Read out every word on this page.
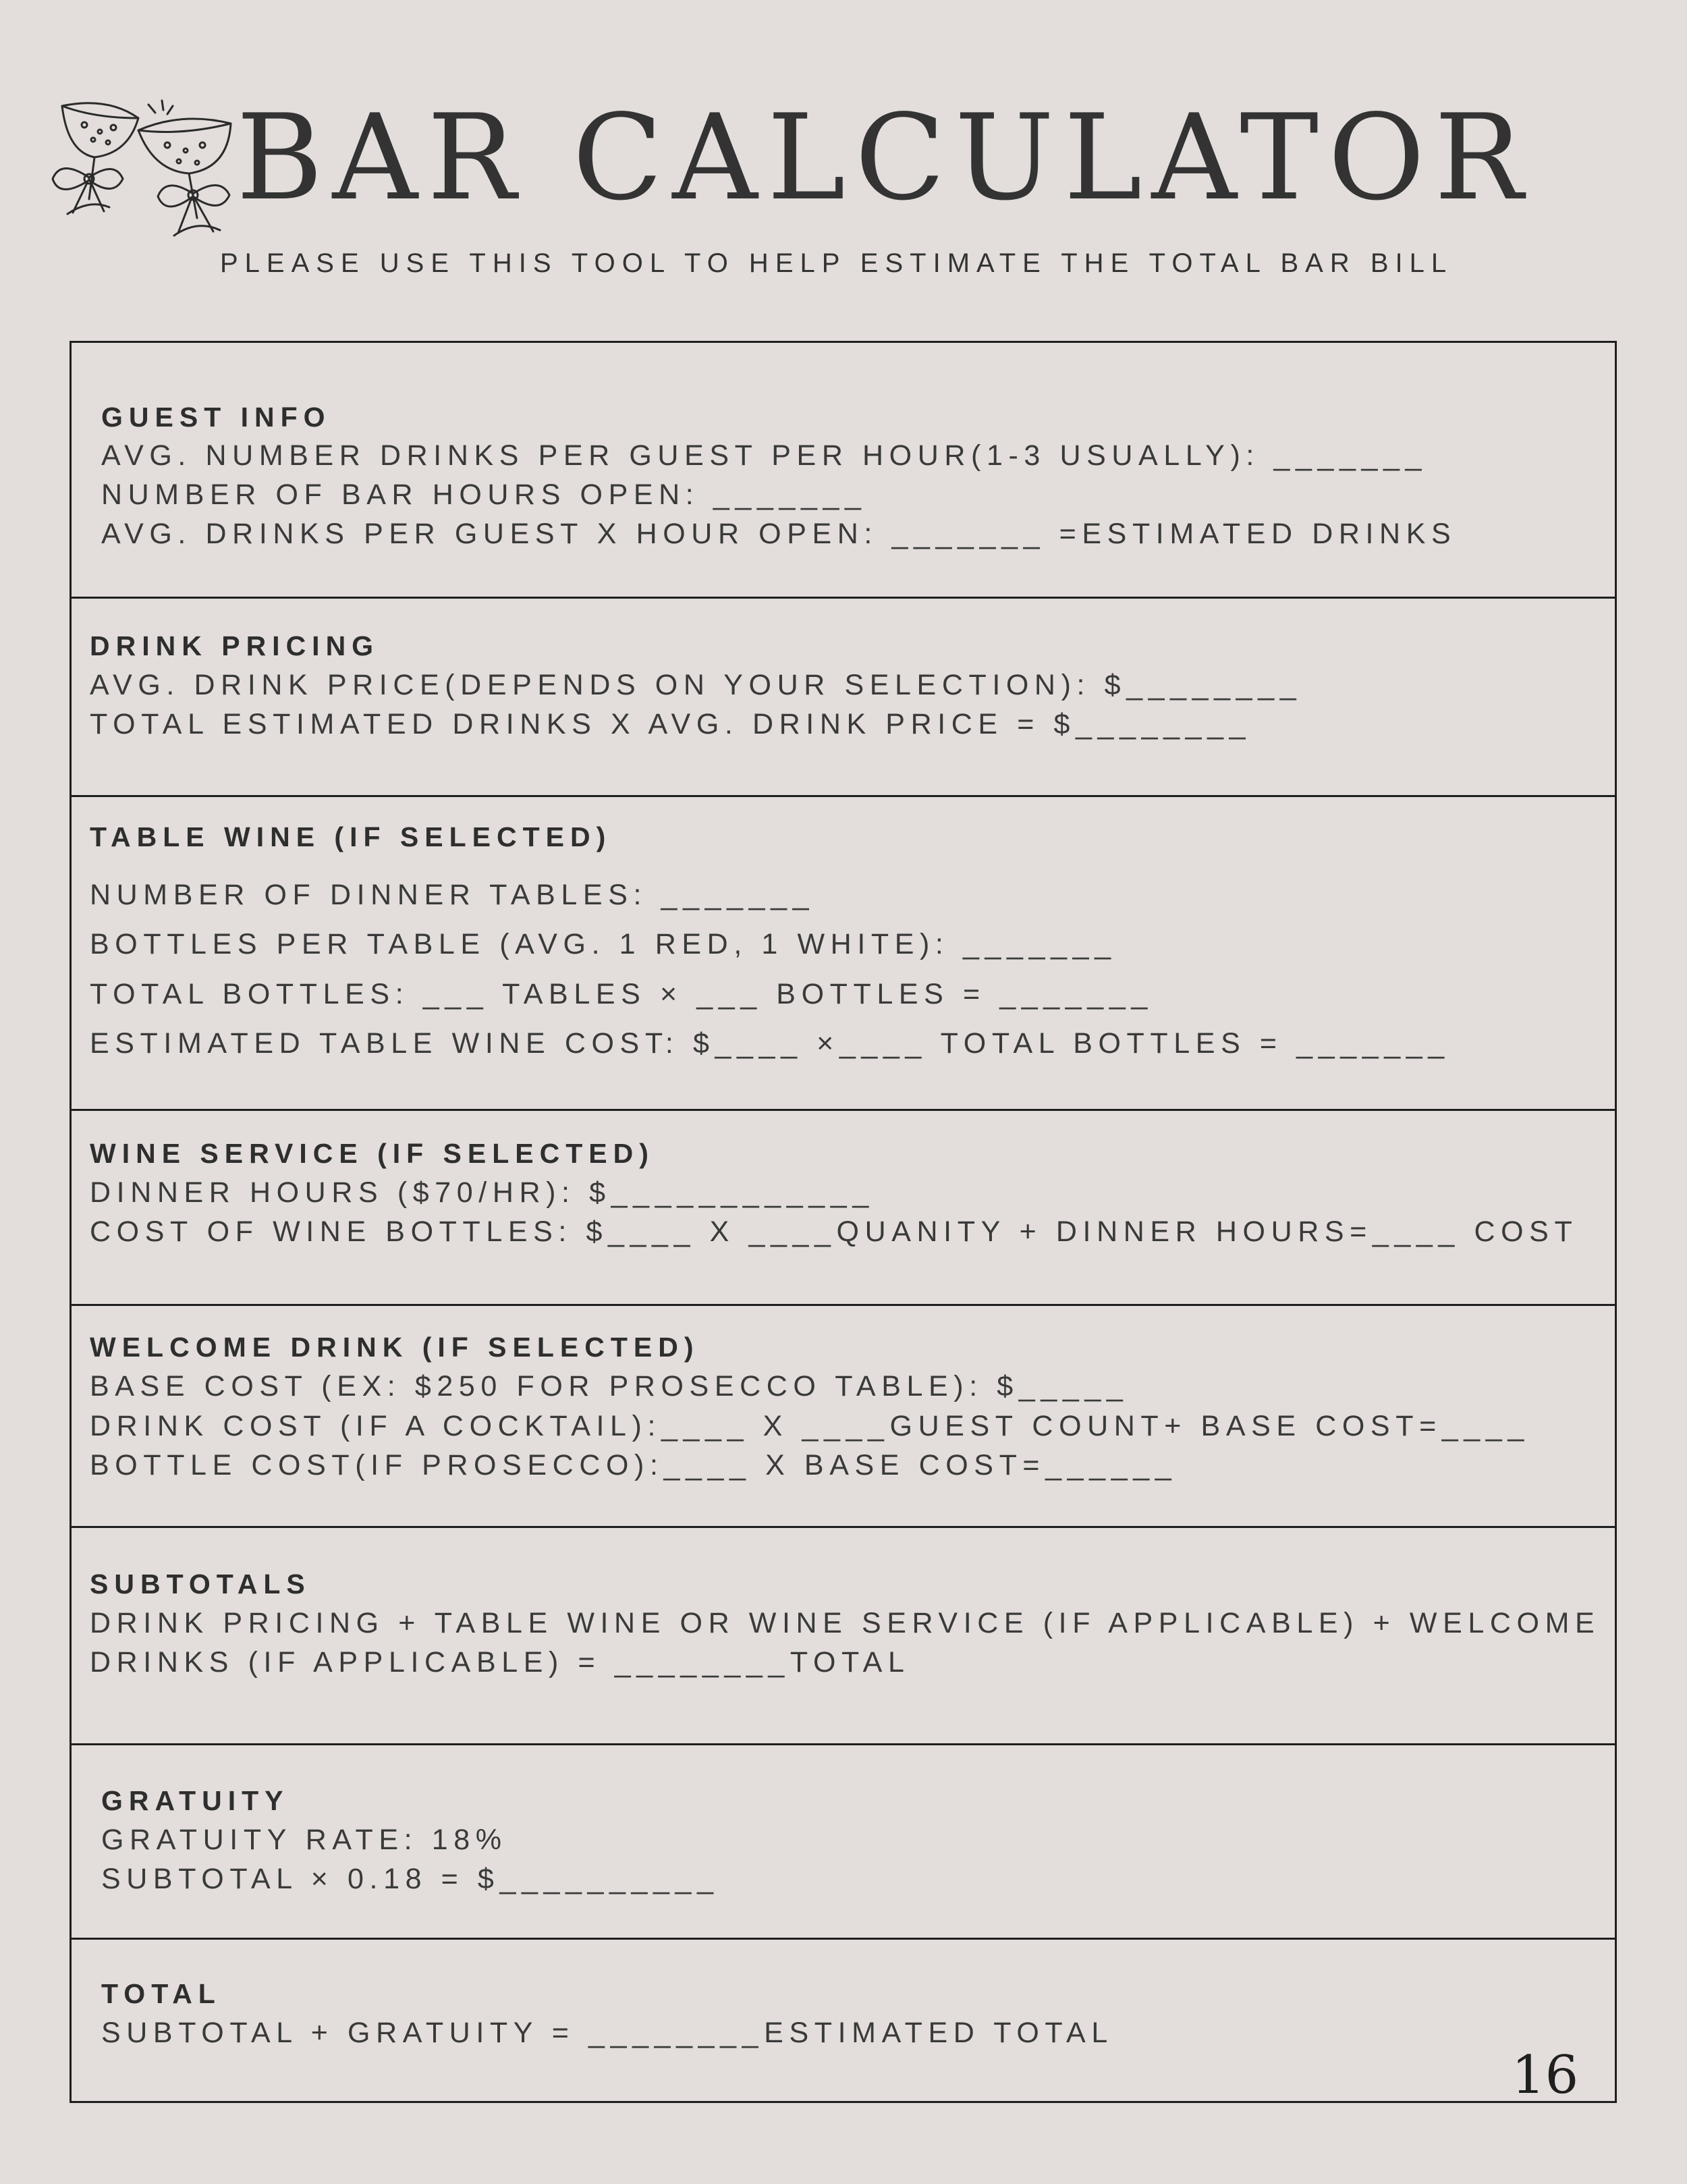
BAR CALCULATOR
PLEASE USE THIS TOOL TO HELP ESTIMATE THE TOTAL BAR BILL
GUEST INFO
AVG. NUMBER DRINKS PER GUEST PER HOUR(1-3 USUALLY): _______
NUMBER OF BAR HOURS OPEN: _______
AVG. DRINKS PER GUEST X HOUR OPEN: _______ =ESTIMATED DRINKS
DRINK PRICING
AVG. DRINK PRICE(DEPENDS ON YOUR SELECTION): $________
TOTAL ESTIMATED DRINKS X AVG. DRINK PRICE = $________
TABLE WINE (IF SELECTED)
NUMBER OF DINNER TABLES: _______
BOTTLES PER TABLE (AVG. 1 RED, 1 WHITE): _______
TOTAL BOTTLES: ___ TABLES × ___ BOTTLES = _______
ESTIMATED TABLE WINE COST: $____ ×____ TOTAL BOTTLES = _______
WINE SERVICE (IF SELECTED)
DINNER HOURS ($70/HR): $____________
COST OF WINE BOTTLES: $____ X ____QUANITY + DINNER HOURS=____ COST
WELCOME DRINK (IF SELECTED)
BASE COST (EX: $250 FOR PROSECCO TABLE): $_____
DRINK COST (IF A COCKTAIL):____ X ____GUEST COUNT+ BASE COST=____
BOTTLE COST(IF PROSECCO):____ X BASE COST=______
SUBTOTALS
DRINK PRICING + TABLE WINE OR WINE SERVICE (IF APPLICABLE) + WELCOME
DRINKS (IF APPLICABLE) = ________TOTAL
GRATUITY
GRATUITY RATE: 18%
SUBTOTAL × 0.18 = $__________
TOTAL
SUBTOTAL + GRATUITY = ________ESTIMATED TOTAL
16
